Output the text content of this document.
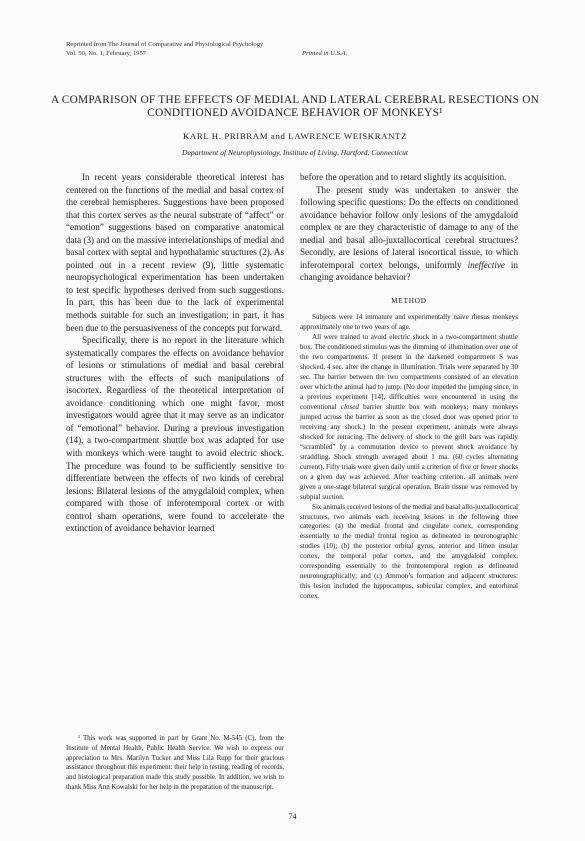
Reprinted from The Journal of Comparative and Physiological Psychology
Vol. 50, No. 1, February, 1957	Printed in U.S.A.
A COMPARISON OF THE EFFECTS OF MEDIAL AND LATERAL CEREBRAL RESECTIONS ON CONDITIONED AVOIDANCE BEHAVIOR OF MONKEYS¹
KARL H. PRIBRAM and LAWRENCE WEISKRANTZ
Department of Neurophysiology, Institute of Living, Hartford, Connecticut

In recent years considerable theoretical interest has centered on the functions of the medial and basal cortex of the cerebral hemispheres. Suggestions have been proposed that this cortex serves as the neural substrate of “affect” or “emotion” suggestions based on comparative anatomical data (3) and on the massive interrelationships of medial and basal cortex with septal and hypothalamic structures (2). As pointed out in a recent review (9), little systematic neuropsychological experimentation has been undertaken to test specific hypotheses derived from such suggestions. In part, this has been due to the lack of experimental methods suitable for such an investigation; in part, it has been due to the persuasiveness of the concepts put forward.

Specifically, there is no report in the literature which systematically compares the effects on avoidance behavior of lesions or stimulations of medial and basal cerebral structures with the effects of such manipulations of isocortex. Regardless of the theoretical interpretation of avoidance conditioning which one might favor, most investigators would agree that it may serve as an indicator of “emotional” behavior. During a previous investigation (14), a two-compartment shuttle box was adapted for use with monkeys which were taught to avoid electric shock. The procedure was found to be sufficiently sensitive to differentiate between the effects of two kinds of cerebral lesions: Bilateral lesions of the amygdaloid complex, when compared with those of inferotemporal cortex or with control sham operations, were found to accelerate the extinction of avoidance behavior learned

before the operation and to retard slightly its acquisition.

The present study was undertaken to answer the following specific questions: Do the effects on conditioned avoidance behavior follow only lesions of the amygdaloid complex or are they characteristic of damage to any of the medial and basal allo-juxtallocortical cerebral structures? Secondly, are lesions of lateral isocortical tissue, to which inferotemporal cortex belongs, uniformly ineffective in changing avoidance behavior?

METHOD

Subjects were 14 immature and experimentally naive rhesus monkeys approximately one to two years of age.

All were trained to avoid electric shock in a two-compartment shuttle box. The conditioned stimulus was the dimming of illumination over one of the two compartments. If present in the darkened compartment S was shocked, 4 sec. after the change in illumination. Trials were separated by 30 sec. The barrier between the two compartments consisted of an elevation over which the animal had to jump. (No door impeded the jumping since, in a previous experiment [14], difficulties were encountered in using the conventional closed barrier shuttle box with monkeys; many monkeys jumped across the barrier as soon as the closed door was opened prior to receiving any shock.) In the present experiment, animals were always shocked for retracing. The delivery of shock to the grill bars was rapidly “scrambled” by a commutation device to prevent shock avoidance by straddling. Shock strength averaged about 1 ma. (60 cycles alternating current). Fifty trials were given daily until a criterion of five or fewer shocks on a given day was achieved. After reaching criterion, all animals were given a one-stage bilateral surgical operation. Brain tissue was removed by subpial suction.

Six animals received lesions of the medial and basal allo-juxtallocortical structures, two animals each receiving lesions in the following three categories: (a) the medial frontal and cingulate cortex, corresponding essentially to the medial frontal region as delineated in neuronographic studies (10); (b) the posterior orbital gyrus, anterior and limen insular cortex, the temporal polar cortex, and the amygdaloid complex, corresponding essentially to the frontotemporal region as delineated neuronographically; and (c) Ammon’s formation and adjacent structures: this lesion included the hippocampus, subicular complex, and entorhinal cortex.

¹ This work was supported in part by Grant No. M-545 (C), from the Institute of Mental Health, Public Health Service. We wish to express our appreciation to Mrs. Marilyn Tucker and Miss Lila Rupp for their gracious assistance throughout this experiment: their help in testing, reading of records, and histological preparation made this study possible. In addition, we wish to thank Miss Ann Kowalski for her help in the preparation of the manuscript.

74
